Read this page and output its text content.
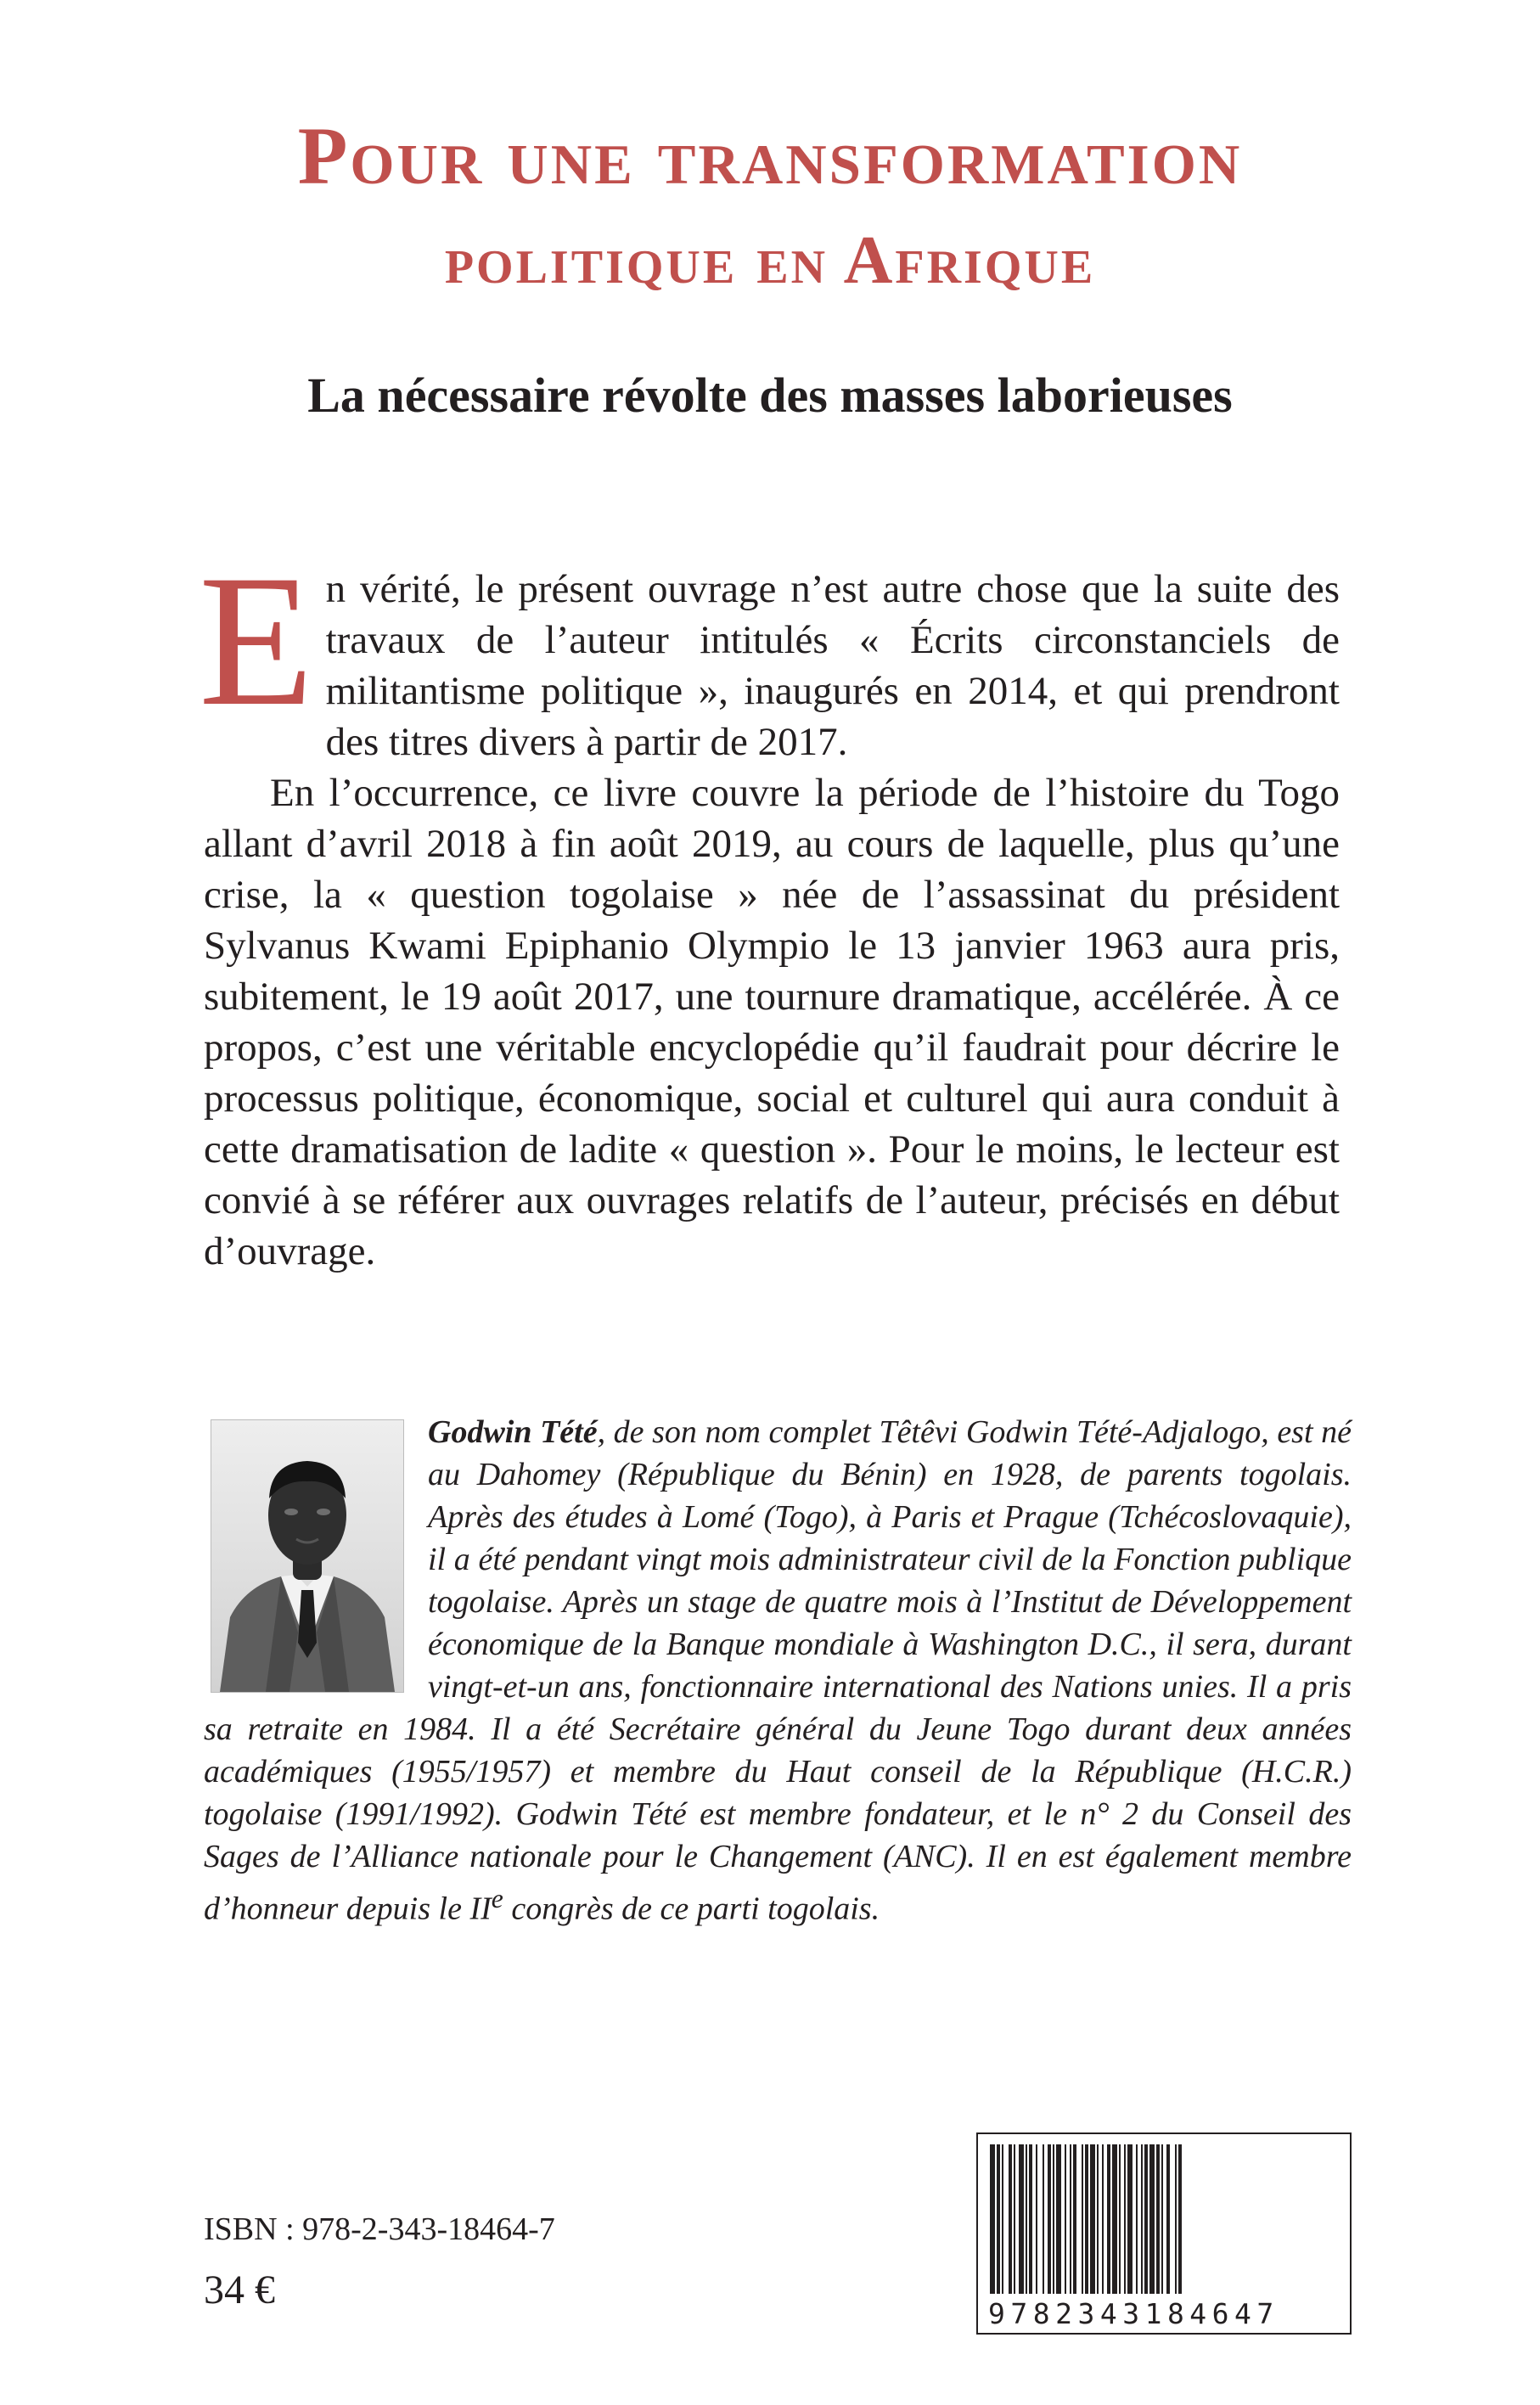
Pour une transformation
politique en Afrique
La nécessaire révolte des masses laborieuses

En vérité, le présent ouvrage n’est autre chose que la suite des travaux de l’auteur intitulés « Écrits circonstanciels de militantisme politique », inaugurés en 2014, et qui prendront des titres divers à partir de 2017.

En l’occurrence, ce livre couvre la période de l’histoire du Togo allant d’avril 2018 à fin août 2019, au cours de laquelle, plus qu’une crise, la « question togolaise » née de l’assassinat du président Sylvanus Kwami Epiphanio Olympio le 13 janvier 1963 aura pris, subitement, le 19 août 2017, une tournure dramatique, accélérée. À ce propos, c’est une véritable encyclopédie qu’il faudrait pour décrire le processus politique, économique, social et culturel qui aura conduit à cette dramatisation de ladite « question ». Pour le moins, le lecteur est convié à se référer aux ouvrages relatifs de l’auteur, précisés en début d’ouvrage.

Godwin Tété, de son nom complet Têtêvi Godwin Tété-Adjalogo, est né au Dahomey (République du Bénin) en 1928, de parents togolais. Après des études à Lomé (Togo), à Paris et Prague (Tchécoslovaquie), il a été pendant vingt mois administrateur civil de la Fonction publique togolaise. Après un stage de quatre mois à l’Institut de Développement économique de la Banque mondiale à Washington D.C., il sera, durant vingt-et-un ans, fonctionnaire international des Nations unies. Il a pris sa retraite en 1984. Il a été Secrétaire général du Jeune Togo durant deux années académiques (1955/1957) et membre du Haut conseil de la République (H.C.R.) togolaise (1991/1992). Godwin Tété est membre fondateur, et le n° 2 du Conseil des Sages de l’Alliance nationale pour le Changement (ANC). Il en est également membre d’honneur depuis le IIe congrès de ce parti togolais.

ISBN : 978-2-343-18464-7

34 €

9782343184647
